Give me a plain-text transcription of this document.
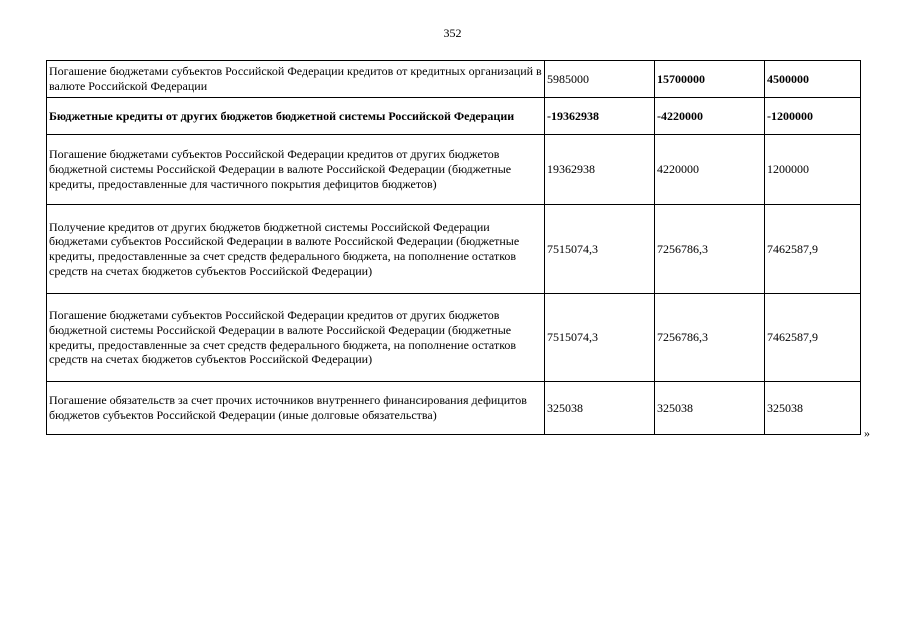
352
Погашение бюджетами субъектов Российской Федерации кредитов от кредитных организаций в валюте Российской Федерации	5985000	15700000	4500000
Бюджетные кредиты от других бюджетов бюджетной системы Российской Федерации	-19362938	-4220000	-1200000
Погашение бюджетами субъектов Российской Федерации кредитов от других бюджетов бюджетной системы Российской Федерации в валюте Российской Федерации (бюджетные кредиты, предоставленные для частичного покрытия дефицитов бюджетов)	19362938	4220000	1200000
Получение кредитов от других бюджетов бюджетной системы Российской Федерации бюджетами субъектов Российской Федерации в валюте Российской Федерации (бюджетные кредиты, предоставленные за счет средств федерального бюджета, на пополнение остатков средств на счетах бюджетов субъектов Российской Федерации)	7515074,3	7256786,3	7462587,9
Погашение бюджетами субъектов Российской Федерации кредитов от других бюджетов бюджетной системы Российской Федерации в валюте Российской Федерации (бюджетные кредиты, предоставленные за счет средств федерального бюджета, на пополнение остатков средств на счетах бюджетов субъектов Российской Федерации)	7515074,3	7256786,3	7462587,9
Погашение обязательств за счет прочих источников внутреннего финансирования дефицитов бюджетов субъектов Российской Федерации (иные долговые обязательства)	325038	325038	325038
»
